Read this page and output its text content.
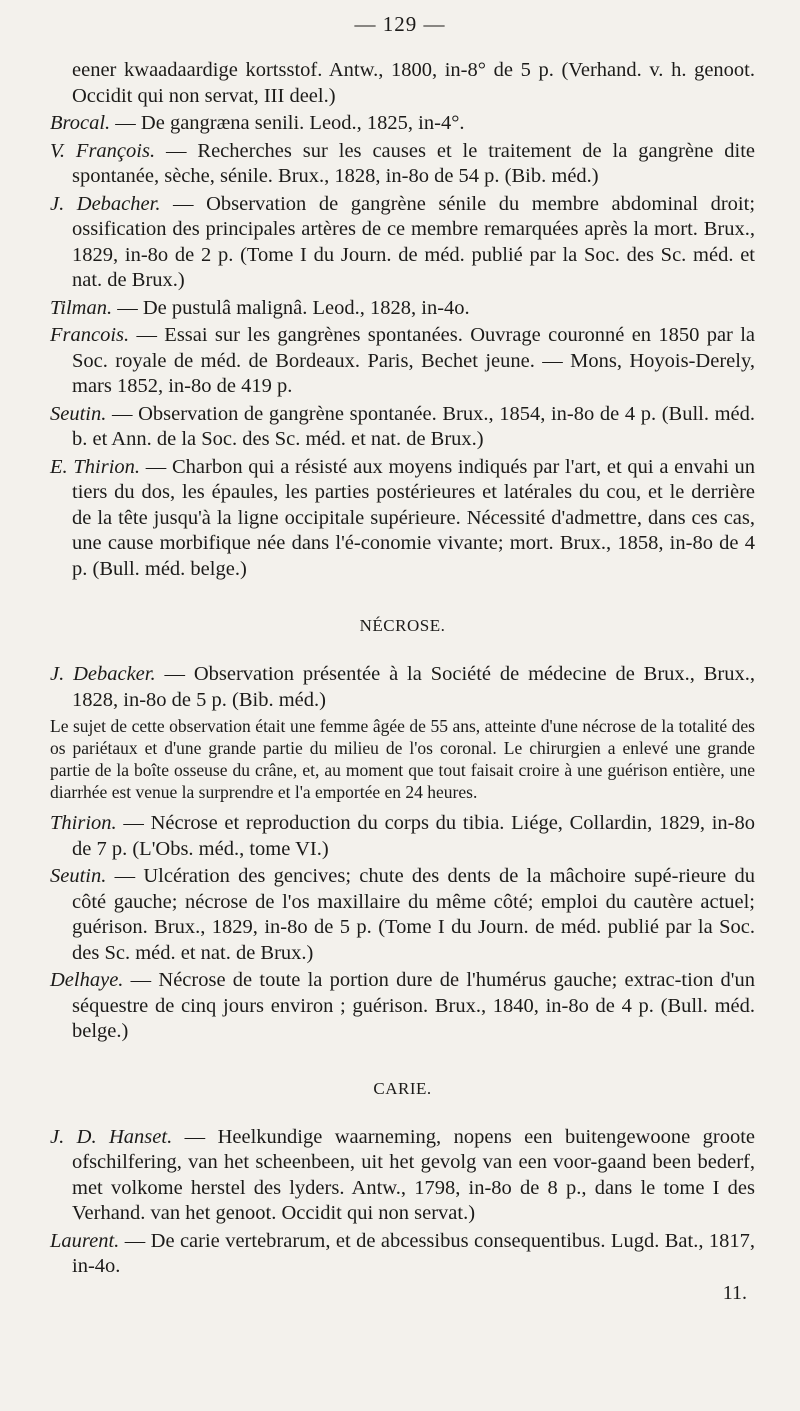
— 129 —

eener kwaadaardige kortsstof. Antw., 1800, in-8° de 5 p. (Verhand. v. h. genoot. Occidit qui non servat, III deel.)

Brocal. — De gangræna senili. Leod., 1825, in-4°.

V. François. — Recherches sur les causes et le traitement de la gangrène dite spontanée, sèche, sénile. Brux., 1828, in-8o de 54 p. (Bib. méd.)

J. Debacher. — Observation de gangrène sénile du membre abdominal droit; ossification des principales artères de ce membre remarquées après la mort. Brux., 1829, in-8o de 2 p. (Tome I du Journ. de méd. publié par la Soc. des Sc. méd. et nat. de Brux.)

Tilman. — De pustulâ malignâ. Leod., 1828, in-4o.

Francois. — Essai sur les gangrènes spontanées. Ouvrage couronné en 1850 par la Soc. royale de méd. de Bordeaux. Paris, Bechet jeune. — Mons, Hoyois-Derely, mars 1852, in-8o de 419 p.

Seutin. — Observation de gangrène spontanée. Brux., 1854, in-8o de 4 p. (Bull. méd. b. et Ann. de la Soc. des Sc. méd. et nat. de Brux.)

E. Thirion. — Charbon qui a résisté aux moyens indiqués par l'art, et qui a envahi un tiers du dos, les épaules, les parties postérieures et latérales du cou, et le derrière de la tête jusqu'à la ligne occipitale supérieure. Nécessité d'admettre, dans ces cas, une cause morbifique née dans l'é-conomie vivante; mort. Brux., 1858, in-8o de 4 p. (Bull. méd. belge.)

NÉCROSE.

J. Debacker. — Observation présentée à la Société de médecine de Brux., Brux., 1828, in-8o de 5 p. (Bib. méd.)

Le sujet de cette observation était une femme âgée de 55 ans, atteinte d'une nécrose de la totalité des os pariétaux et d'une grande partie du milieu de l'os coronal. Le chirurgien a enlevé une grande partie de la boîte osseuse du crâne, et, au moment que tout faisait croire à une guérison entière, une diarrhée est venue la surprendre et l'a emportée en 24 heures.

Thirion. — Nécrose et reproduction du corps du tibia. Liége, Collardin, 1829, in-8o de 7 p. (L'Obs. méd., tome VI.)

Seutin. — Ulcération des gencives; chute des dents de la mâchoire supé-rieure du côté gauche; nécrose de l'os maxillaire du même côté; emploi du cautère actuel; guérison. Brux., 1829, in-8o de 5 p. (Tome I du Journ. de méd. publié par la Soc. des Sc. méd. et nat. de Brux.)

Delhaye. — Nécrose de toute la portion dure de l'humérus gauche; extrac-tion d'un séquestre de cinq jours environ ; guérison. Brux., 1840, in-8o de 4 p. (Bull. méd. belge.)

CARIE.

J. D. Hanset. — Heelkundige waarneming, nopens een buitengewoone groote ofschilfering, van het scheenbeen, uit het gevolg van een voor-gaand been bederf, met volkome herstel des lyders. Antw., 1798, in-8o de 8 p., dans le tome I des Verhand. van het genoot. Occidit qui non servat.)

Laurent. — De carie vertebrarum, et de abcessibus consequentibus. Lugd. Bat., 1817, in-4o.

11.
